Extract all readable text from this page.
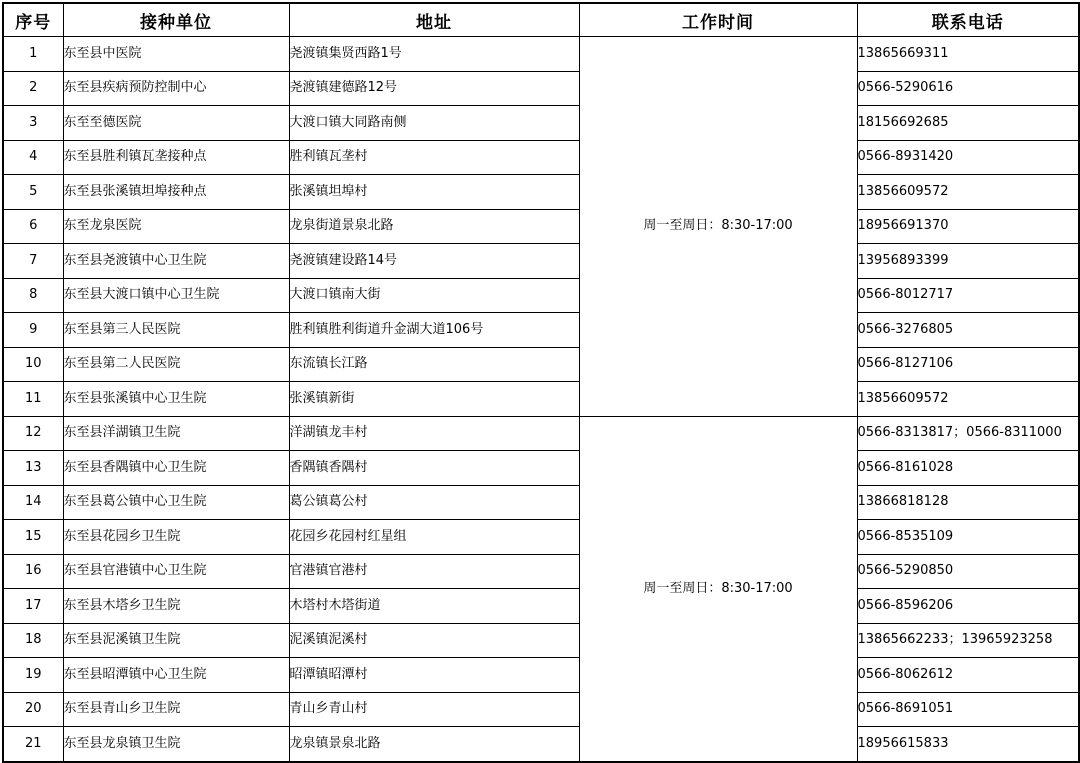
序号	接种单位	地址	工作时间	联系电话
1	东至县中医院	尧渡镇集贤西路1号	周一至周日：8:30-17:00	13865669311
2	东至县疾病预防控制中心	尧渡镇建德路12号		0566-5290616
3	东至至德医院	大渡口镇大同路南侧		18156692685
4	东至县胜利镇瓦垄接种点	胜利镇瓦垄村		0566-8931420
5	东至县张溪镇坦埠接种点	张溪镇坦埠村		13856609572
6	东至龙泉医院	龙泉街道景泉北路		18956691370
7	东至县尧渡镇中心卫生院	尧渡镇建设路14号		13956893399
8	东至县大渡口镇中心卫生院	大渡口镇南大街		0566-8012717
9	东至县第三人民医院	胜利镇胜利街道升金湖大道106号		0566-3276805
10	东至县第二人民医院	东流镇长江路		0566-8127106
11	东至县张溪镇中心卫生院	张溪镇新街		13856609572
12	东至县洋湖镇卫生院	洋湖镇龙丰村	周一至周日：8:30-17:00	0566-8313817；0566-8311000
13	东至县香隅镇中心卫生院	香隅镇香隅村		0566-8161028
14	东至县葛公镇中心卫生院	葛公镇葛公村		13866818128
15	东至县花园乡卫生院	花园乡花园村红星组		0566-8535109
16	东至县官港镇中心卫生院	官港镇官港村		0566-5290850
17	东至县木塔乡卫生院	木塔村木塔街道		0566-8596206
18	东至县泥溪镇卫生院	泥溪镇泥溪村		13865662233；13965923258
19	东至县昭潭镇中心卫生院	昭潭镇昭潭村		0566-8062612
20	东至县青山乡卫生院	青山乡青山村		0566-8691051
21	东至县龙泉镇卫生院	龙泉镇景泉北路		18956615833
